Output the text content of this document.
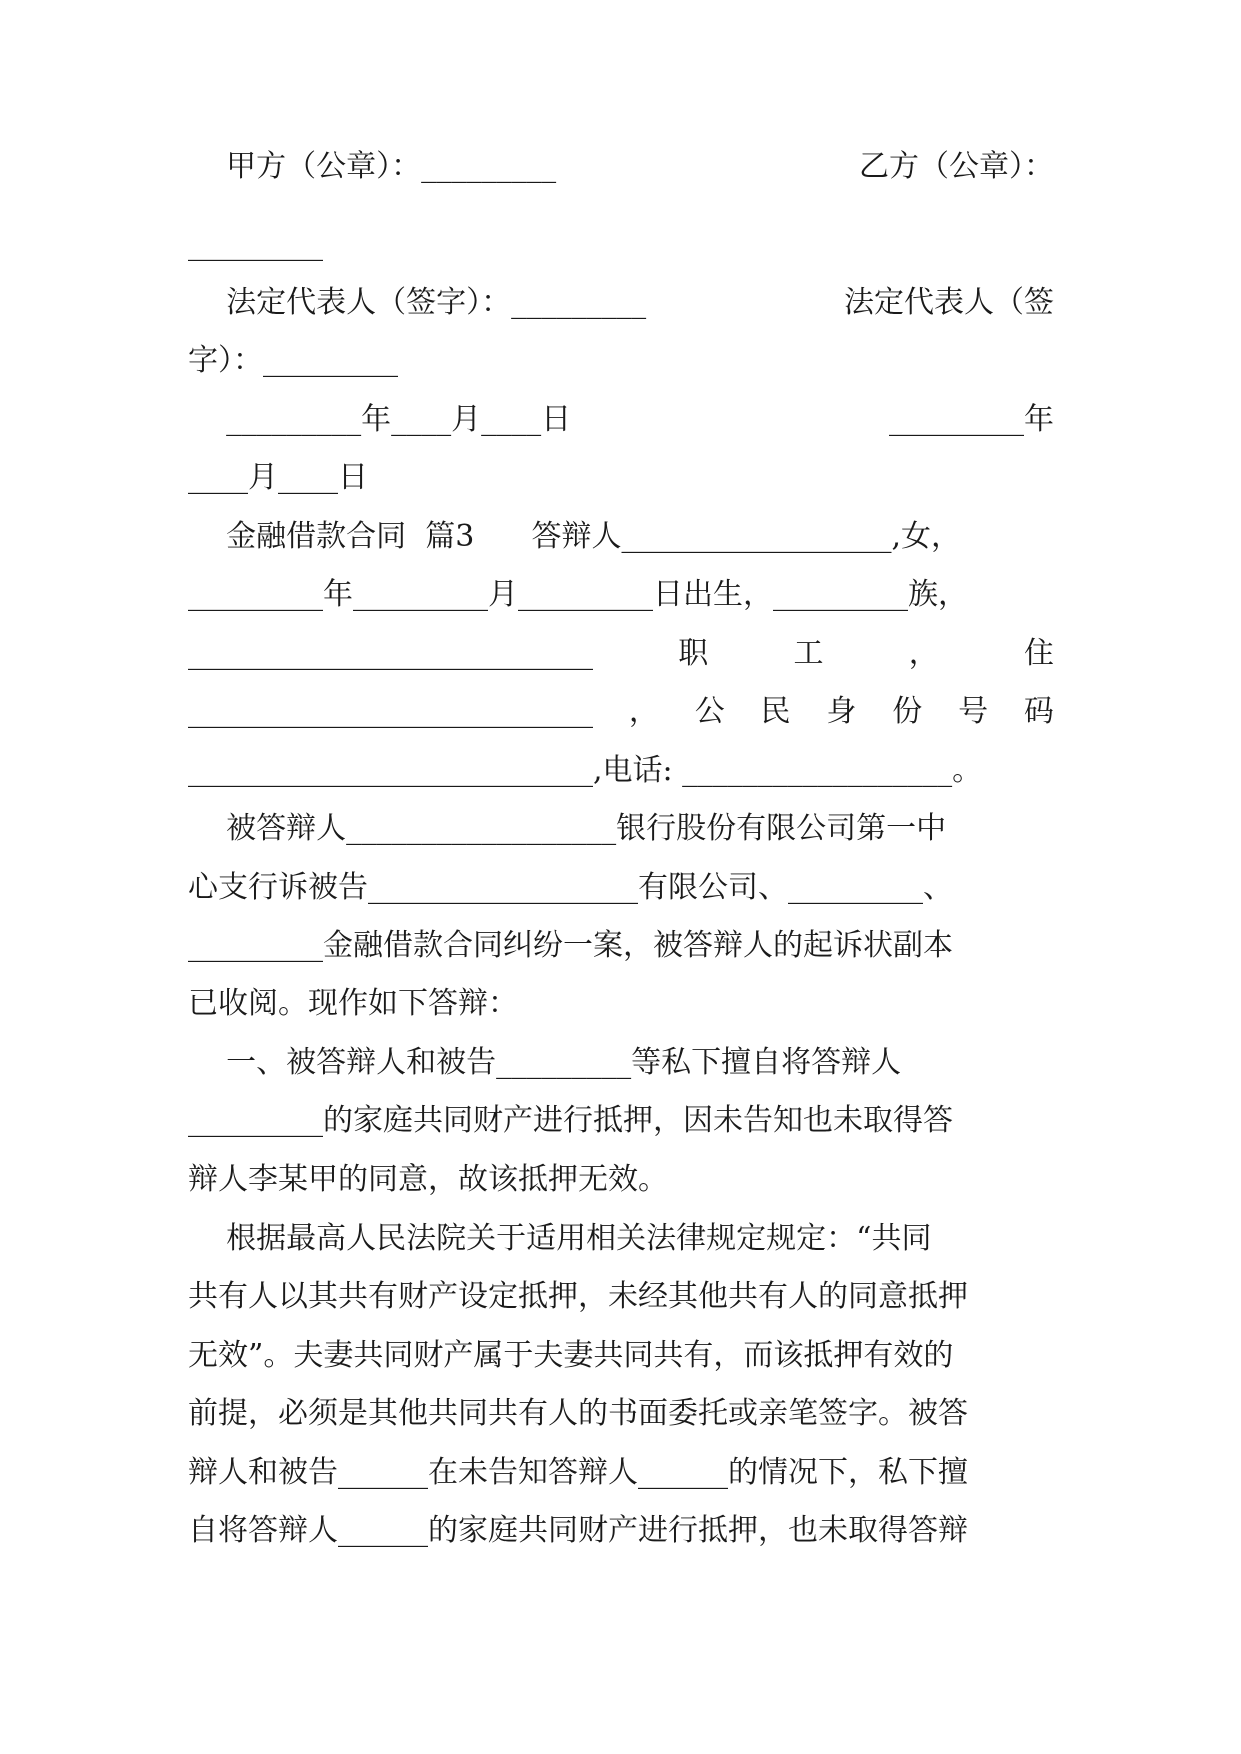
甲方（公章）：_________	乙方（公章）：
_________
法定代表人（签字）：_________	法定代表人（签
字）：_________
_________年____月____日	_________年
____月____日
金融借款合同  篇3      答辩人__________________,女，
_________年_________月_________日出生，_________族，
___________________________	职	工	，	住
___________________________ ， 公 民 身 份 号 码
___________________________,电话: __________________。
被答辩人__________________银行股份有限公司第一中
心支行诉被告__________________有限公司、_________、
_________金融借款合同纠纷一案，被答辩人的起诉状副本
已收阅。现作如下答辩：
一、被答辩人和被告_________等私下擅自将答辩人
_________的家庭共同财产进行抵押，因未告知也未取得答
辩人李某甲的同意，故该抵押无效。
根据最高人民法院关于适用相关法律规定规定：“共同
共有人以其共有财产设定抵押，未经其他共有人的同意抵押
无效”。夫妻共同财产属于夫妻共同共有，而该抵押有效的
前提，必须是其他共同共有人的书面委托或亲笔签字。被答
辩人和被告______在未告知答辩人______的情况下，私下擅
自将答辩人______的家庭共同财产进行抵押，也未取得答辩
